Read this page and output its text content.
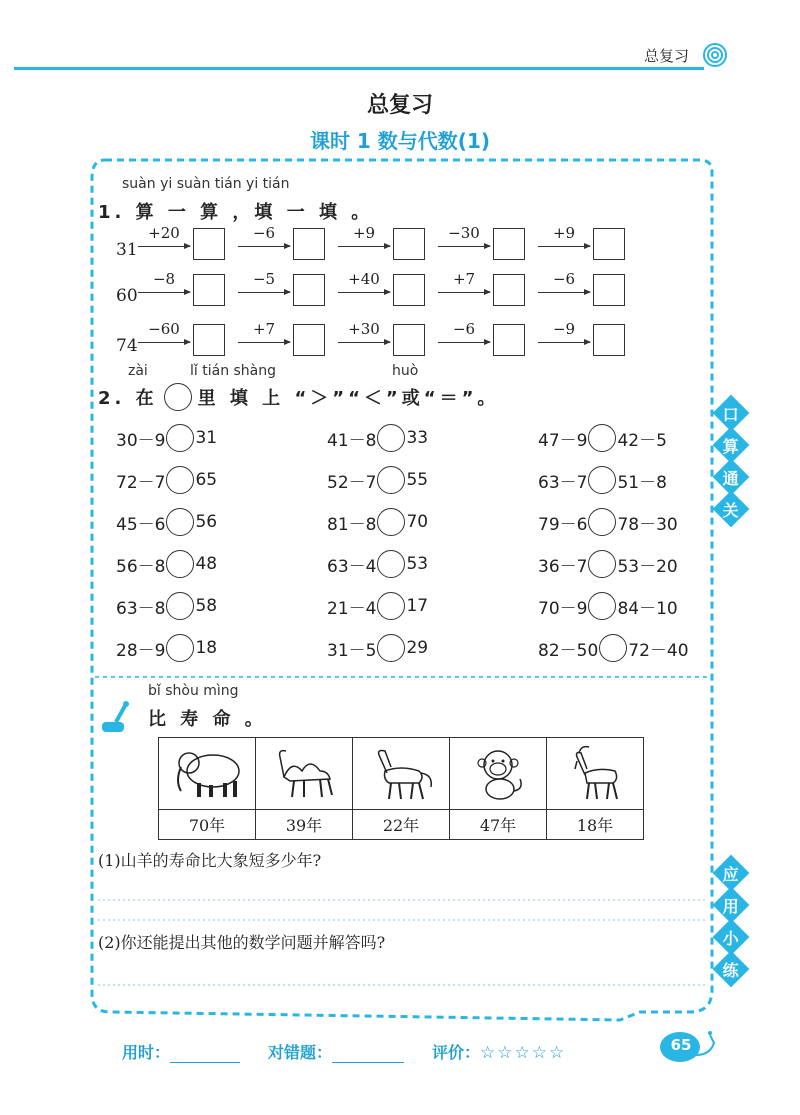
总复习
总复习
课时 1 数与代数(1)
suàn yi suàn tián yi tián
1. 算 一 算 ，填 一 填 。
31
+20	−6	+9	−30	+9
60
−8	−5	+40	+7	−6
74
−60	+7	+30	−6	−9
zài	lǐ tián shàng	huò
2. 在 里 填 上 “＞”“＜”或“＝”。
30－9 31	41－8 33	47－9 42－5
72－7 65	52－7 55	63－7 51－8
45－6 56	81－8 70	79－6 78－30
56－8 48	63－4 53	36－7 53－20
63－8 58	21－4 17	70－9 84－10
28－9 18	31－5 29	82－50 72－40
口
算
通
关
应
用
小
练
bǐ shòu mìng
比 寿 命 。

70年	39年	22年	47年	18年
(1)山羊的寿命比大象短多少年?
(2)你还能提出其他的数学问题并解答吗?
用时：	对错题：	评价： ☆☆☆☆☆	65
